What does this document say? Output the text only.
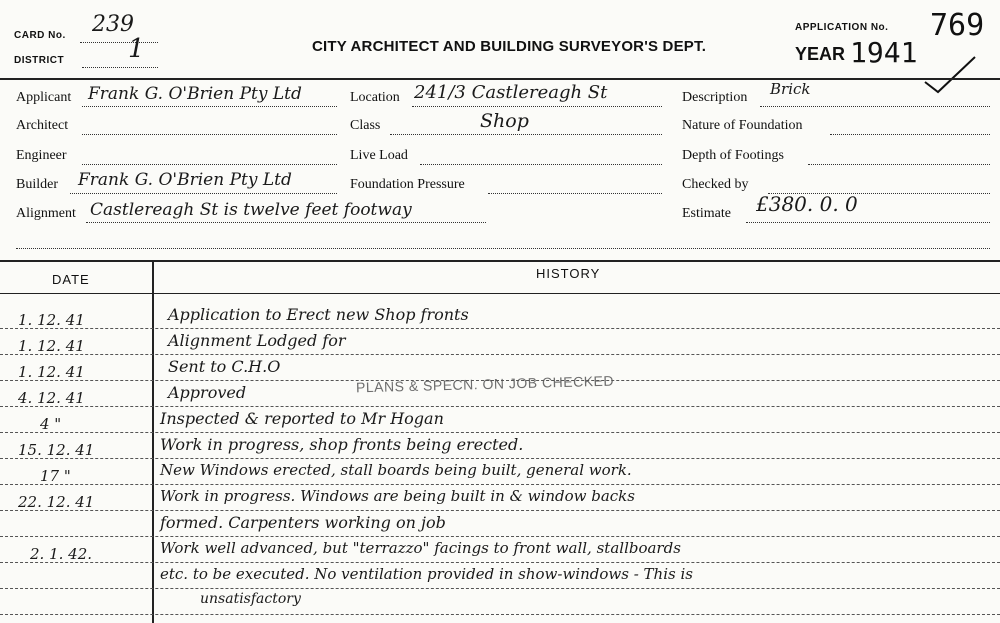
CARD No. 239
DISTRICT 1	CITY ARCHITECT AND BUILDING SURVEYOR'S DEPT.
APPLICATION No. 769
YEAR 1941
Applicant Frank G. O'Brien Pty Ltd
Architect
Engineer
Builder Frank G. O'Brien Pty Ltd
Alignment Castlereagh St is twelve feet footway
Location 241/3 Castlereagh St
Class	Shop
Live Load
Foundation Pressure
Description Brick
Nature of Foundation
Depth of Footings
Checked by
Estimate £380. 0. 0
DATE	HISTORY
1. 12. 41	Application to Erect new Shop fronts
1. 12. 41	Alignment Lodged for
1. 12. 41	Sent to C.H.O
4. 12. 41	Approved	PLANS & SPECN. ON JOB CHECKED
4 "	Inspected & reported to Mr Hogan
15. 12. 41	Work in progress, shop fronts being erected.
17 "	New Windows erected, stall boards being built, general work.
22. 12. 41	Work in progress. Windows are being built in & window backs
formed. Carpenters working on job
2. 1. 42.	Work well advanced, but "terrazzo" facings to front wall, stallboards
etc. to be executed. No ventilation provided in show-windows - This is
unsatisfactory
